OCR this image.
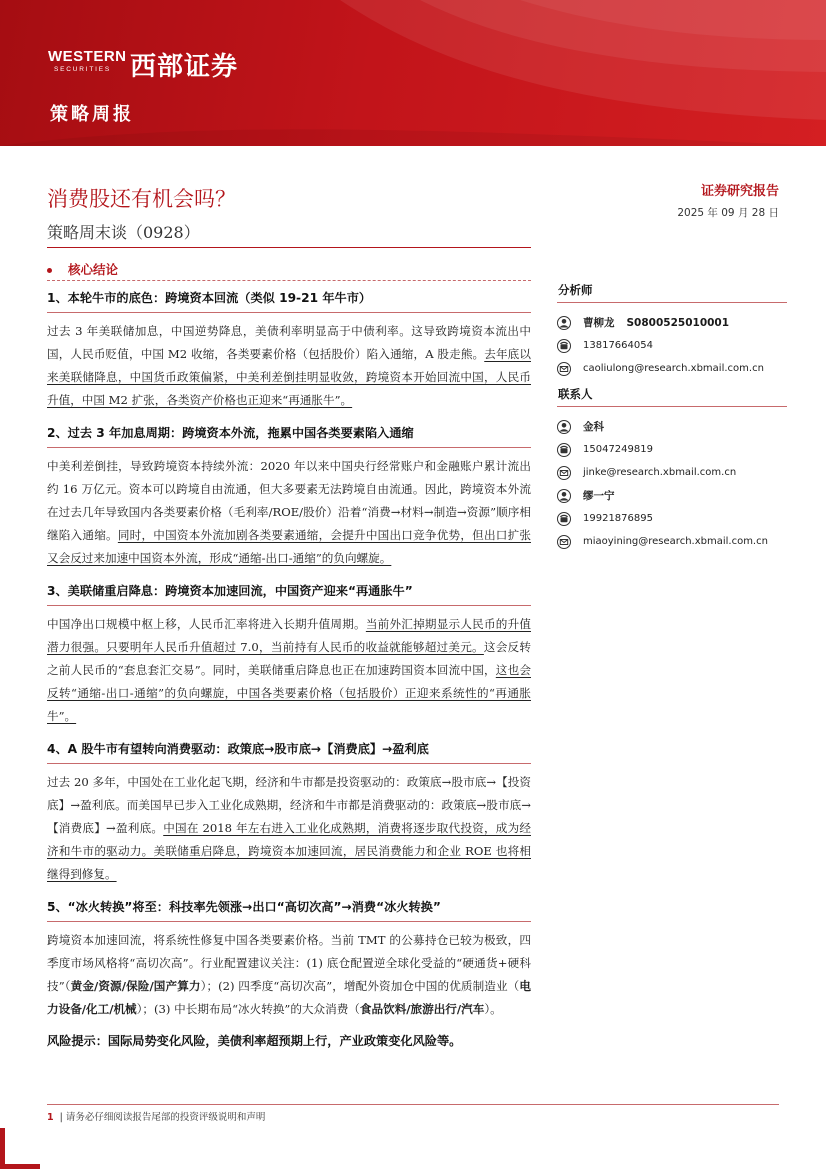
WESTERN
SECURITIES 西部证券
策略周报
消费股还有机会吗？
策略周末谈（0928）
证券研究报告
2025 年 09 月 28 日
核心结论
1、本轮牛市的底色：跨境资本回流（类似 19-21 年牛市）
过去 3 年美联储加息，中国逆势降息，美债利率明显高于中债利率。这导致跨境资本流出中国，人民币贬值，中国 M2 收缩，各类要素价格（包括股价）陷入通缩，A 股走熊。去年底以来美联储降息，中国货币政策偏紧，中美利差倒挂明显收敛，跨境资本开始回流中国，人民币升值，中国 M2 扩张，各类资产价格也正迎来“再通胀牛”。
2、过去 3 年加息周期：跨境资本外流，拖累中国各类要素陷入通缩
中美利差倒挂，导致跨境资本持续外流：2020 年以来中国央行经常账户和金融账户累计流出约 16 万亿元。资本可以跨境自由流通，但大多要素无法跨境自由流通。因此，跨境资本外流在过去几年导致国内各类要素价格（毛利率/ROE/股价）沿着“消费→材料→制造→资源”顺序相继陷入通缩。同时，中国资本外流加剧各类要素通缩，会提升中国出口竞争优势，但出口扩张又会反过来加速中国资本外流，形成“通缩-出口-通缩”的负向螺旋。
3、美联储重启降息：跨境资本加速回流，中国资产迎来“再通胀牛”
中国净出口规模中枢上移，人民币汇率将进入长期升值周期。当前外汇掉期显示人民币的升值潜力很强。只要明年人民币升值超过 7.0，当前持有人民币的收益就能够超过美元。这会反转之前人民币的“套息套汇交易”。同时，美联储重启降息也正在加速跨国资本回流中国，这也会反转“通缩-出口-通缩”的负向螺旋，中国各类要素价格（包括股价）正迎来系统性的“再通胀牛”。
4、A 股牛市有望转向消费驱动：政策底→股市底→【消费底】→盈利底
过去 20 多年，中国处在工业化起飞期，经济和牛市都是投资驱动的：政策底→股市底→【投资底】→盈利底。而美国早已步入工业化成熟期，经济和牛市都是消费驱动的：政策底→股市底→【消费底】→盈利底。中国在 2018 年左右进入工业化成熟期，消费将逐步取代投资，成为经济和牛市的驱动力。美联储重启降息，跨境资本加速回流，居民消费能力和企业 ROE 也将相继得到修复。
5、“冰火转换”将至：科技率先领涨→出口“高切次高”→消费“冰火转换”
跨境资本加速回流，将系统性修复中国各类要素价格。当前 TMT 的公募持仓已较为极致，四季度市场风格将“高切次高”。行业配置建议关注：(1) 底仓配置逆全球化受益的“硬通货+硬科技”（黄金/资源/保险/国产算力）；(2) 四季度“高切次高”，增配外资加仓中国的优质制造业（电力设备/化工/机械）；(3) 中长期布局“冰火转换”的大众消费（食品饮料/旅游出行/汽车）。
风险提示：国际局势变化风险，美债利率超预期上行，产业政策变化风险等。
分析师
曹柳龙 S0800525010001
13817664054
caoliulong@research.xbmail.com.cn
联系人
金科
15047249819
jinke@research.xbmail.com.cn
缪一宁
19921876895
miaoyining@research.xbmail.com.cn
1 | 请务必仔细阅读报告尾部的投资评级说明和声明
